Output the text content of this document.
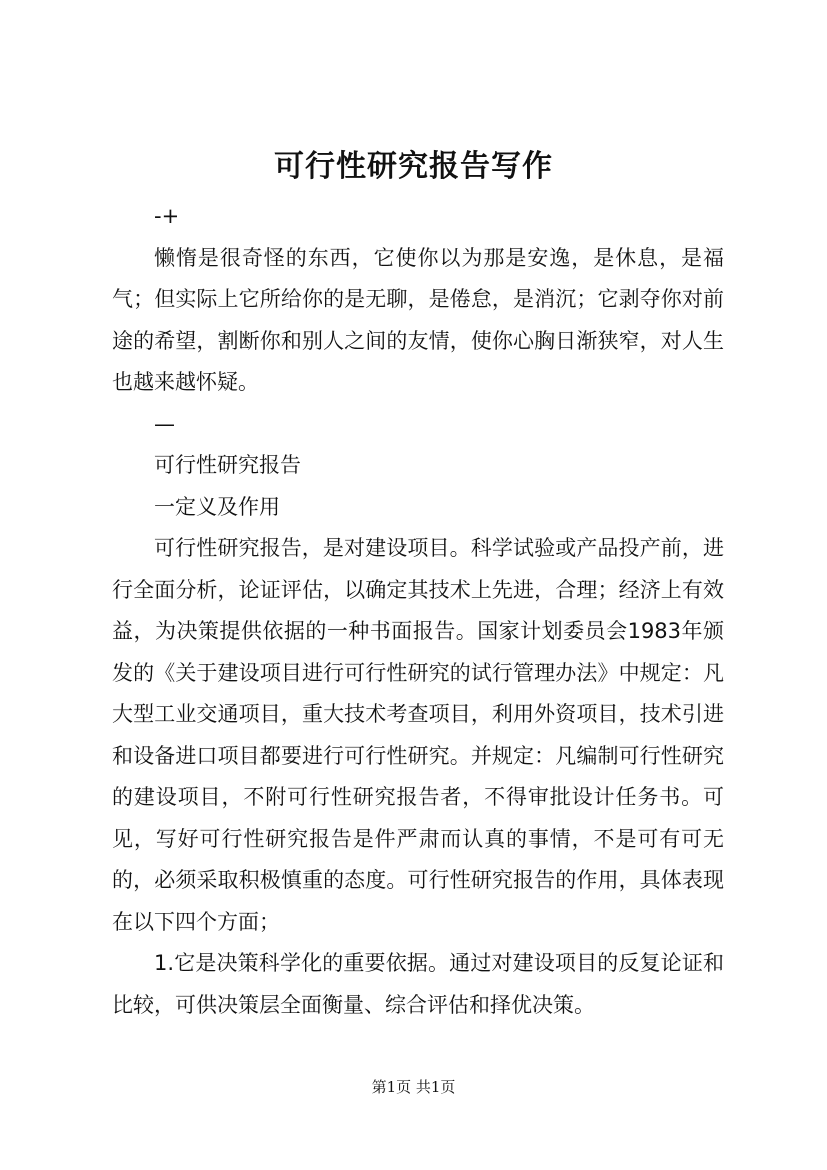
可行性研究报告写作

-+

懒惰是很奇怪的东西，它使你以为那是安逸，是休息，是福气；但实际上它所给你的是无聊，是倦怠，是消沉；它剥夺你对前途的希望，割断你和别人之间的友情，使你心胸日渐狭窄，对人生也越来越怀疑。

—

可行性研究报告

一定义及作用

可行性研究报告，是对建设项目。科学试验或产品投产前，进行全面分析，论证评估，以确定其技术上先进，合理；经济上有效益，为决策提供依据的一种书面报告。国家计划委员会1983年颁发的《关于建设项目进行可行性研究的试行管理办法》中规定：凡大型工业交通项目，重大技术考查项目，利用外资项目，技术引进和设备进口项目都要进行可行性研究。并规定：凡编制可行性研究的建设项目，不附可行性研究报告者，不得审批设计任务书。可见，写好可行性研究报告是件严肃而认真的事情，不是可有可无的，必须采取积极慎重的态度。可行性研究报告的作用，具体表现在以下四个方面；

1.它是决策科学化的重要依据。通过对建设项目的反复论证和比较，可供决策层全面衡量、综合评估和择优决策。

第1页 共1页
